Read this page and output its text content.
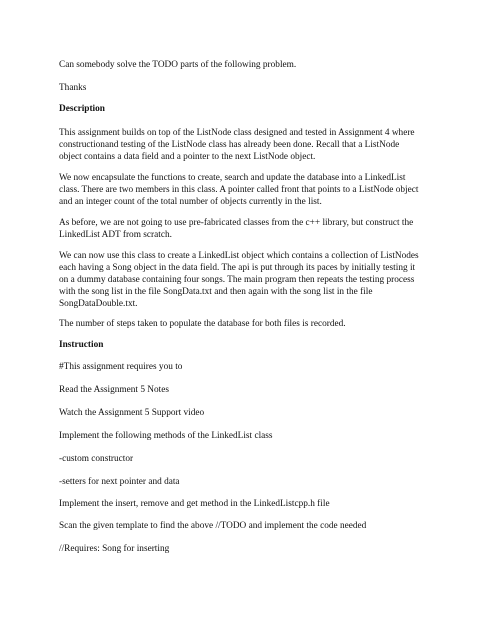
Can somebody solve the TODO parts of the following problem.
Thanks
Description
This assignment builds on top of the ListNode class designed and tested in Assignment 4 where
constructionand testing of the ListNode class has already been done. Recall that a ListNode
object contains a data field and a pointer to the next ListNode object.
We now encapsulate the functions to create, search and update the database into a LinkedList
class. There are two members in this class. A pointer called front that points to a ListNode object
and an integer count of the total number of objects currently in the list.
As before, we are not going to use pre-fabricated classes from the c++ library, but construct the
LinkedList ADT from scratch.
We can now use this class to create a LinkedList object which contains a collection of ListNodes
each having a Song object in the data field. The api is put through its paces by initially testing it
on a dummy database containing four songs. The main program then repeats the testing process
with the song list in the file SongData.txt and then again with the song list in the file
SongDataDouble.txt.
The number of steps taken to populate the database for both files is recorded.
Instruction
#This assignment requires you to
Read the Assignment 5 Notes
Watch the Assignment 5 Support video
Implement the following methods of the LinkedList class
-custom constructor
-setters for next pointer and data
Implement the insert, remove and get method in the LinkedListcpp.h file
Scan the given template to find the above //TODO and implement the code needed
//Requires: Song for inserting
